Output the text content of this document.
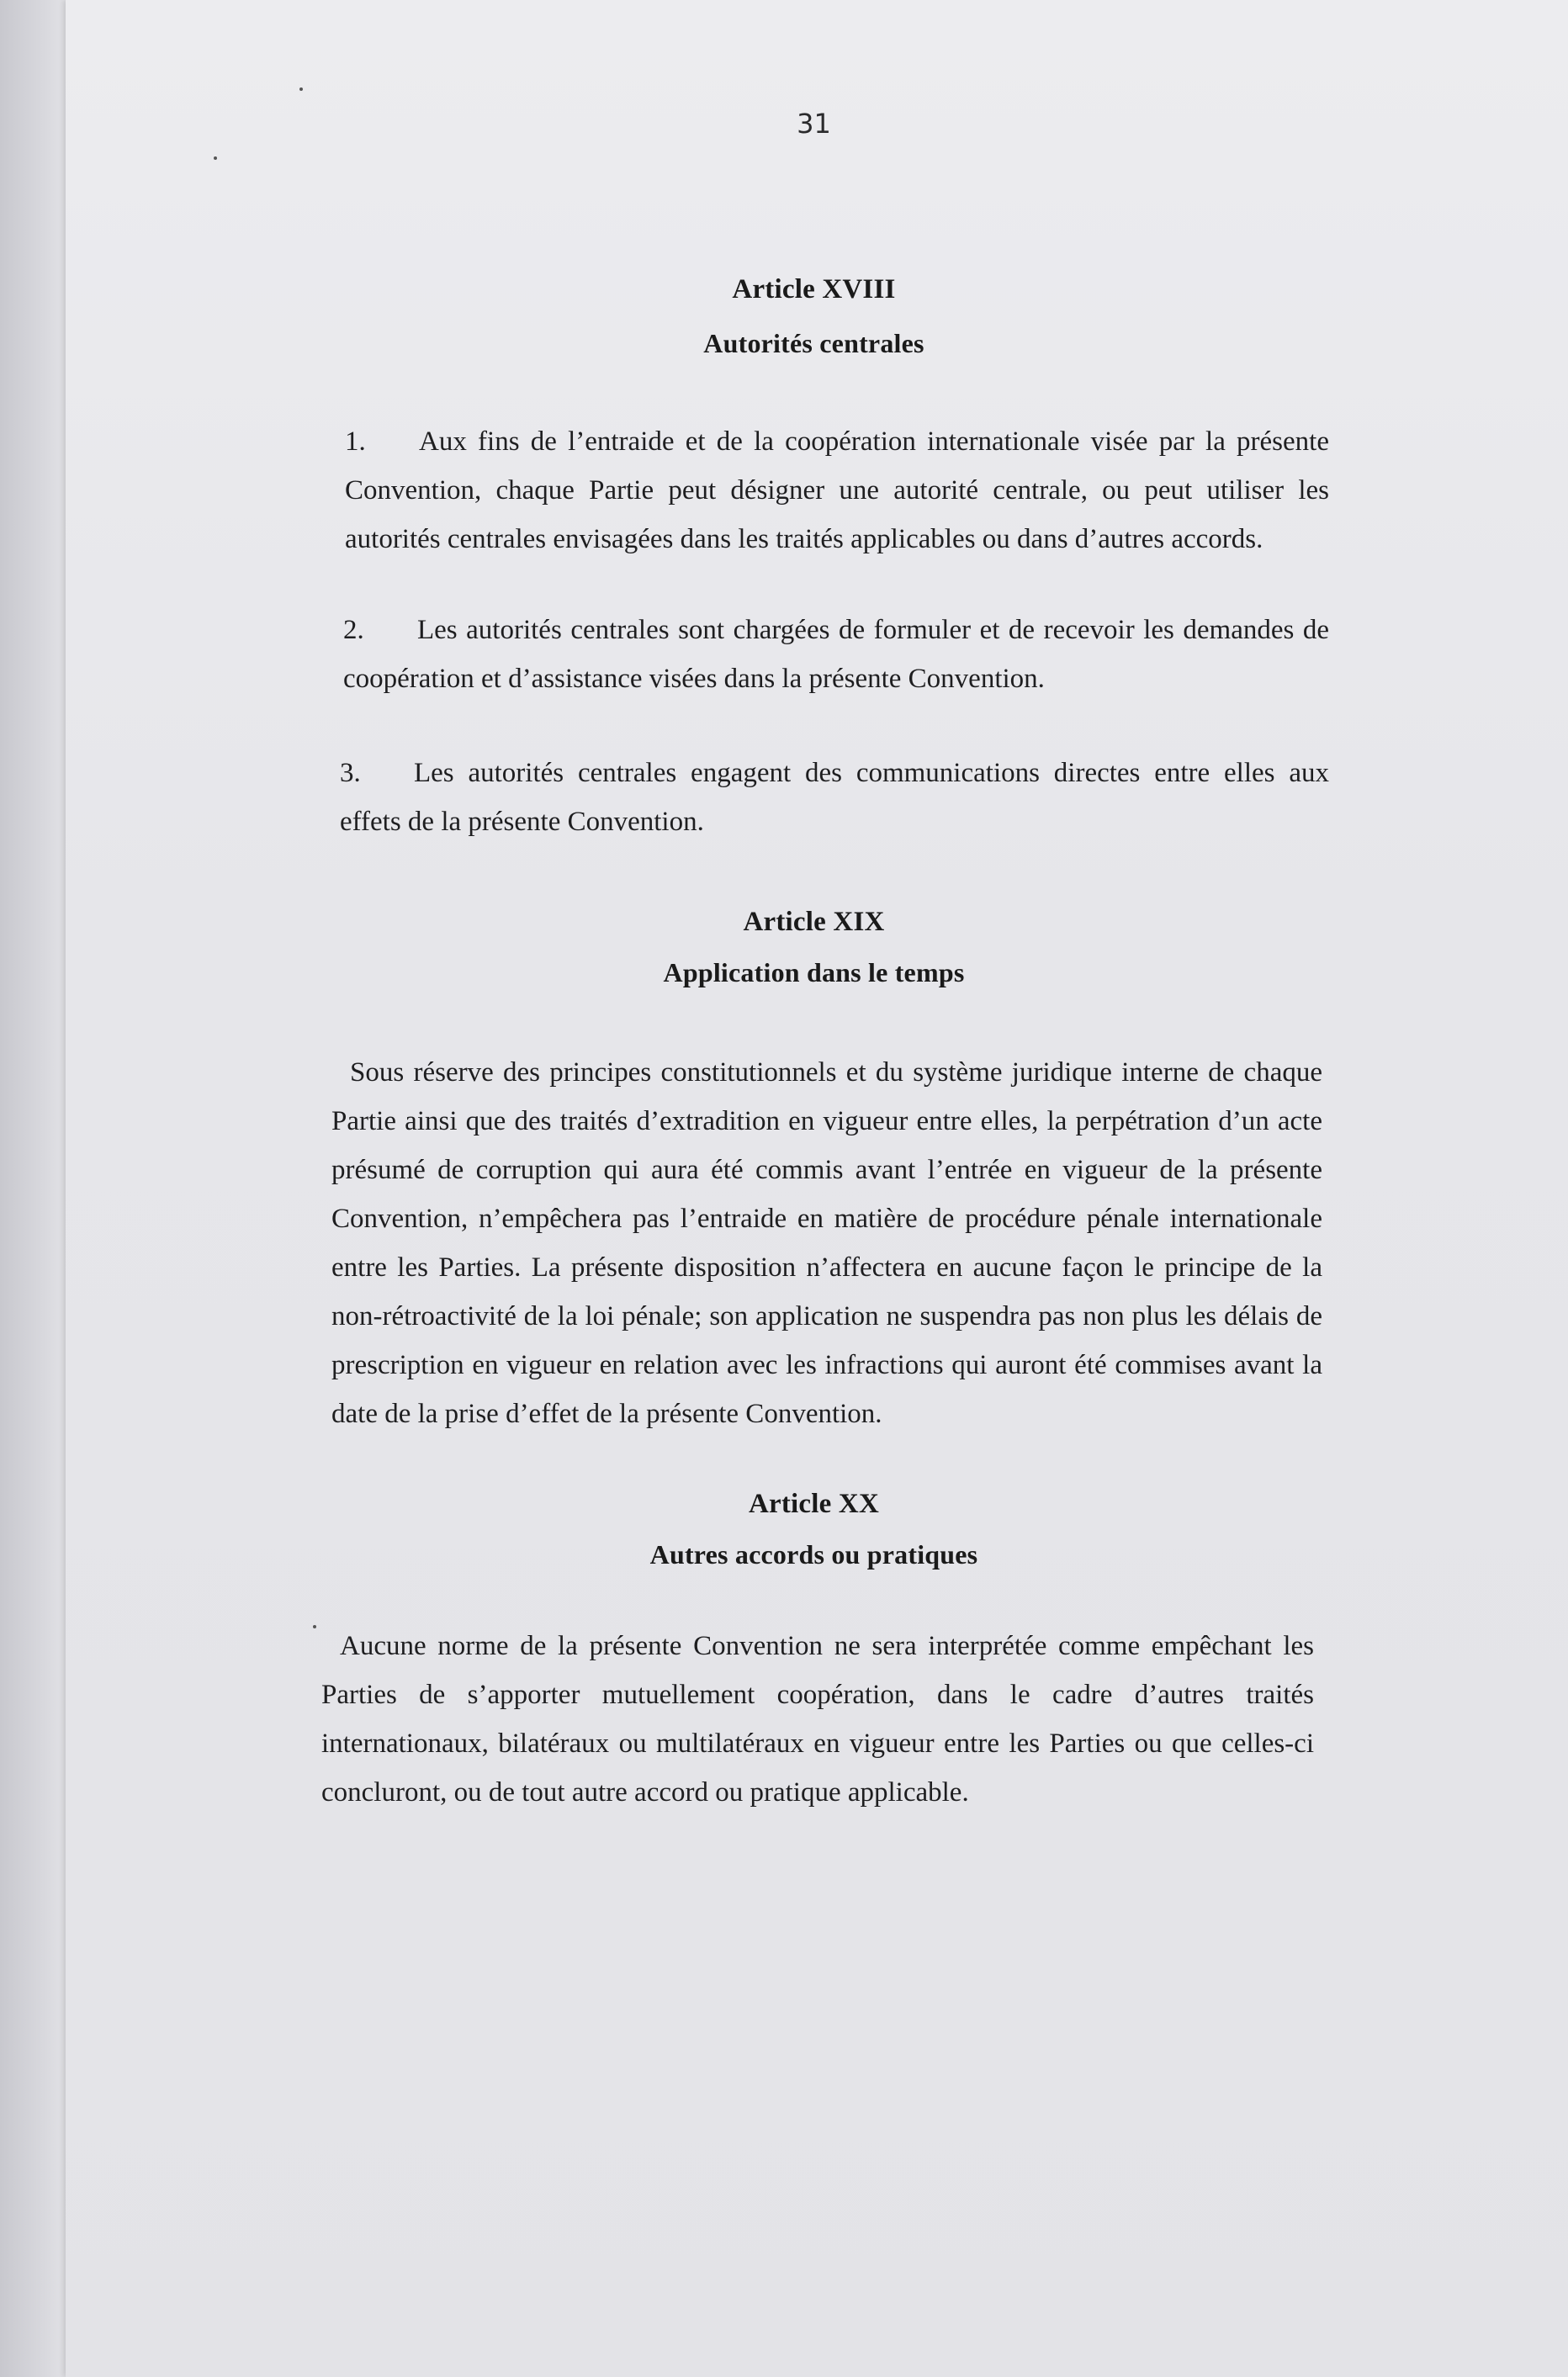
31
Article XVIII
Autorités centrales
1. Aux fins de l’entraide et de la coopération internationale visée par la présente Convention, chaque Partie peut désigner une autorité centrale, ou peut utiliser les autorités centrales envisagées dans les traités applicables ou dans d’autres accords.
2. Les autorités centrales sont chargées de formuler et de recevoir les demandes de coopération et d’assistance visées dans la présente Convention.
3. Les autorités centrales engagent des communications directes entre elles aux effets de la présente Convention.
Article XIX
Application dans le temps
Sous réserve des principes constitutionnels et du système juridique interne de chaque Partie ainsi que des traités d’extradition en vigueur entre elles, la perpétration d’un acte présumé de corruption qui aura été commis avant l’entrée en vigueur de la présente Convention, n’empêchera pas l’entraide en matière de procédure pénale internationale entre les Parties. La présente disposition n’affectera en aucune façon le principe de la non-rétroactivité de la loi pénale; son application ne suspendra pas non plus les délais de prescription en vigueur en relation avec les infractions qui auront été commises avant la date de la prise d’effet de la présente Convention.
Article XX
Autres accords ou pratiques
Aucune norme de la présente Convention ne sera interprétée comme empêchant les Parties de s’apporter mutuellement coopération, dans le cadre d’autres traités internationaux, bilatéraux ou multilatéraux en vigueur entre les Parties ou que celles-ci concluront, ou de tout autre accord ou pratique applicable.
